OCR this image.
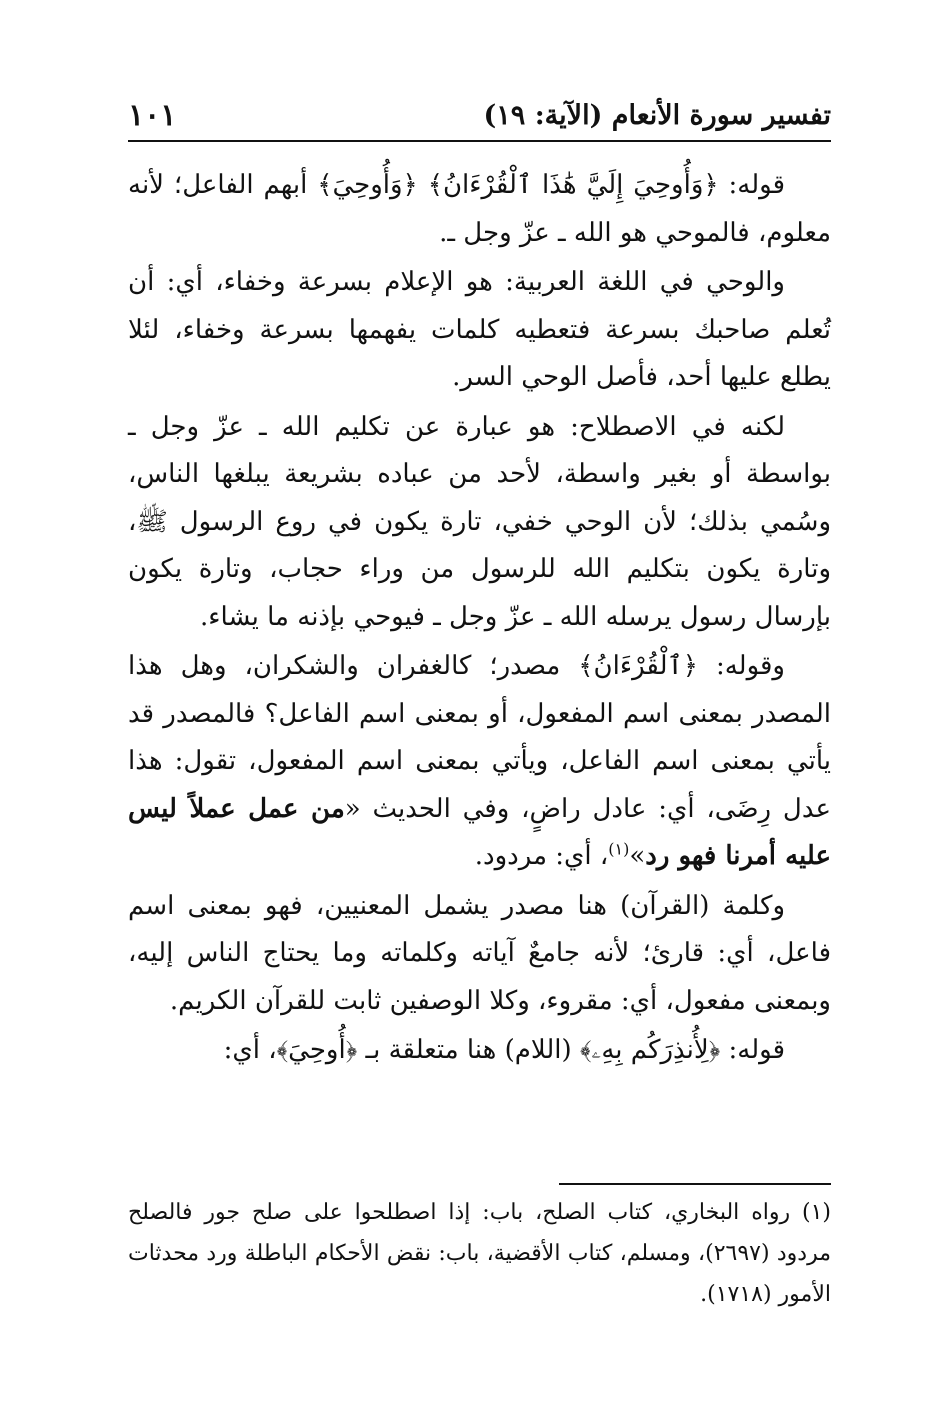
تفسير سورة الأنعام (الآية: ١٩)
١٠١

قوله: ﴿وَأُوحِيَ إِلَيَّ هَٰذَا ٱلْقُرْءَانُ﴾ ﴿وَأُوحِيَ﴾ أبهم الفاعل؛ لأنه معلوم، فالموحي هو الله ـ عزّ وجل ـ.

والوحي في اللغة العربية: هو الإعلام بسرعة وخفاء، أي: أن تُعلم صاحبك بسرعة فتعطيه كلمات يفهمها بسرعة وخفاء، لئلا يطلع عليها أحد، فأصل الوحي السر.

لكنه في الاصطلاح: هو عبارة عن تكليم الله ـ عزّ وجل ـ بواسطة أو بغير واسطة، لأحد من عباده بشريعة يبلغها الناس، وسُمي بذلك؛ لأن الوحي خفي، تارة يكون في روع الرسول ﷺ، وتارة يكون بتكليم الله للرسول من وراء حجاب، وتارة يكون بإرسال رسول يرسله الله ـ عزّ وجل ـ فيوحي بإذنه ما يشاء.

وقوله: ﴿ٱلْقُرْءَانُ﴾ مصدر؛ كالغفران والشكران، وهل هذا المصدر بمعنى اسم المفعول، أو بمعنى اسم الفاعل؟ فالمصدر قد يأتي بمعنى اسم الفاعل، ويأتي بمعنى اسم المفعول، تقول: هذا عدل رِضَى، أي: عادل راضٍ، وفي الحديث «من عمل عملاً ليس عليه أمرنا فهو رد»$^{(١)}$، أي: مردود.

وكلمة (القرآن) هنا مصدر يشمل المعنيين، فهو بمعنى اسم فاعل، أي: قارئ؛ لأنه جامعٌ آياته وكلماته وما يحتاج الناس إليه، وبمعنى مفعول، أي: مقروء، وكلا الوصفين ثابت للقرآن الكريم.

قوله: ﴿لِأُنذِرَكُم بِهِۦ﴾ (اللام) هنا متعلقة بـ ﴿أُوحِيَ﴾، أي:

(١) رواه البخاري، كتاب الصلح، باب: إذا اصطلحوا على صلح جور فالصلح مردود (٢٦٩٧)، ومسلم، كتاب الأقضية، باب: نقض الأحكام الباطلة ورد محدثات الأمور (١٧١٨).
